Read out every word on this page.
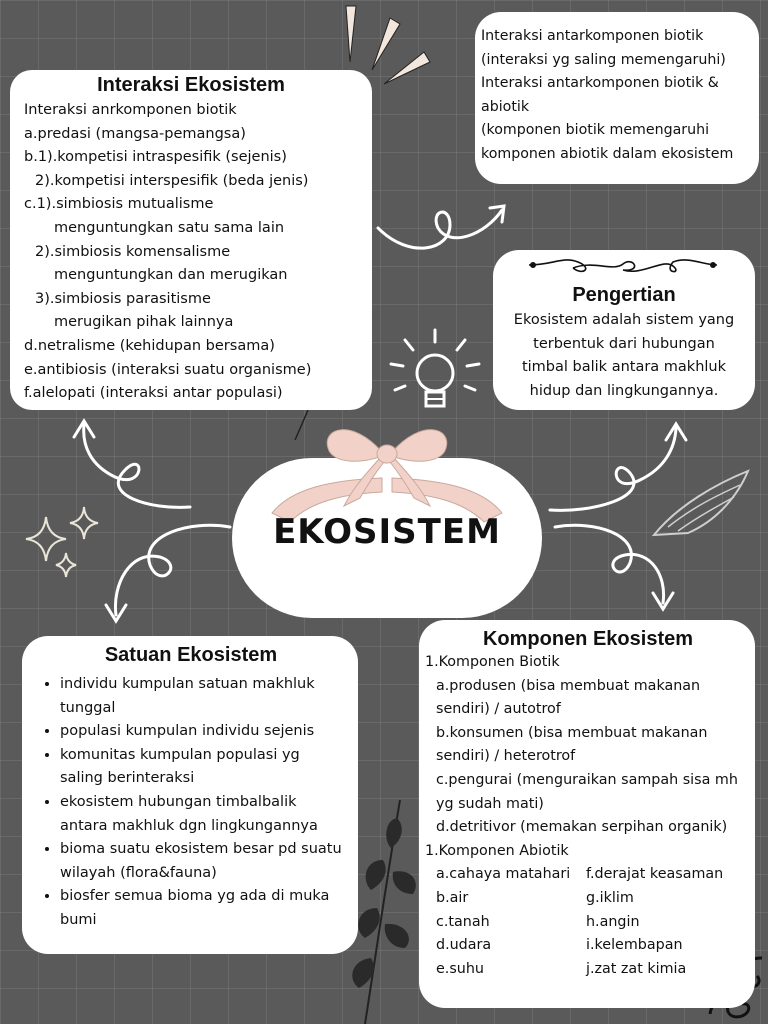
Interaksi Ekosistem
Interaksi anrkomponen biotik
a.predasi (mangsa-pemangsa)
b.1).kompetisi intraspesifik (sejenis)
2).kompetisi interspesifik (beda jenis)
c.1).simbiosis mutualisme
menguntungkan satu sama lain
2).simbiosis komensalisme
menguntungkan dan merugikan
3).simbiosis parasitisme
merugikan pihak lainnya
d.netralisme (kehidupan bersama)
e.antibiosis (interaksi suatu organisme)
f.alelopati (interaksi antar populasi)
Interaksi antarkomponen biotik
(interaksi yg saling memengaruhi)
Interaksi antarkomponen biotik &
abiotik
(komponen biotik memengaruhi
komponen abiotik dalam ekosistem
Pengertian
Ekosistem adalah sistem yang
terbentuk dari hubungan
timbal balik antara makhluk
hidup dan lingkungannya.
EKOSISTEM
Satuan Ekosistem
• individu kumpulan satuan makhluk tunggal
• populasi kumpulan individu sejenis
• komunitas kumpulan populasi yg saling berinteraksi
• ekosistem hubungan timbalbalik antara makhluk dgn lingkungannya
• bioma suatu ekosistem besar pd suatu wilayah (flora&fauna)
• biosfer semua bioma yg ada di muka bumi
Komponen Ekosistem
1.Komponen Biotik
a.produsen (bisa membuat makanan
sendiri) / autotrof
b.konsumen (bisa membuat makanan
sendiri) / heterotrof
c.pengurai (menguraikan sampah sisa mh
yg sudah mati)
d.detritivor (memakan serpihan organik)
1.Komponen Abiotik
a.cahaya matahari	f.derajat keasaman
b.air	g.iklim
c.tanah	h.angin
d.udara	i.kelembapan
e.suhu	j.zat zat kimia
